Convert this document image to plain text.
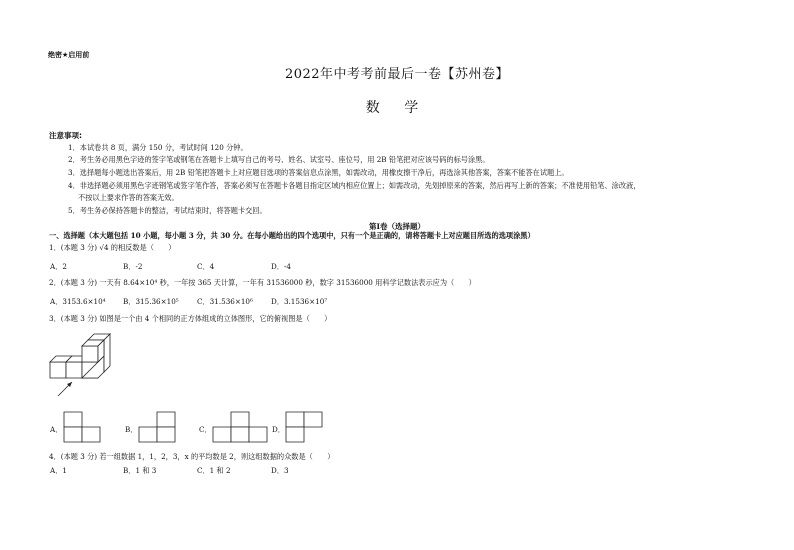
绝密★启用前
2022年中考考前最后一卷【苏州卷】
数 学
注意事项:
1．本试卷共 8 页，满分 150 分，考试时间 120 分钟。
2．考生务必用黑色字迹的签字笔或钢笔在答题卡上填写自己的考号、姓名、试室号、座位号，用 2B 铅笔把对应该号码的标号涂黑。
3．选择题每小题选出答案后，用 2B 铅笔把答题卡上对应题目选项的答案信息点涂黑，如需改动，用橡皮擦干净后，再选涂其他答案，答案不能答在试题上。
4．非选择题必须用黑色字迹钢笔或签字笔作答，答案必须写在答题卡各题目指定区域内相应位置上；如需改动，先划掉原来的答案，然后再写上新的答案；不准使用铅笔、涂改液，
不按以上要求作答的答案无效。
5．考生务必保持答题卡的整洁，考试结束时，将答题卡交回。
第Ⅰ卷（选择题）
一、选择题（本大题包括 10 小题，每小题 3 分，共 30 分。在每小题给出的四个选项中，只有一个是正确的，请将答题卡上对应题目所选的选项涂黑）
1．(本题 3 分) √4 的相反数是（　　）
A．2	B．-2	C．4	D．-4
2．(本题 3 分) 一天有 8.64×10⁴ 秒，一年按 365 天计算，一年有 31536000 秒，数字 31536000 用科学记数法表示应为（　　）
A．3153.6×10⁴ B．315.36×10⁵	C．31.536×10⁶	D．3.1536×10⁷
3．(本题 3 分) 如图是一个由 4 个相同的正方体组成的立体图形，它的俯视图是（　　）
A．	B．	C．	D．
4．(本题 3 分) 若一组数据 1，1，2，3，x 的平均数是 2，则这组数据的众数是（　　）
A．1	B．1 和 3	C．1 和 2	D．3
